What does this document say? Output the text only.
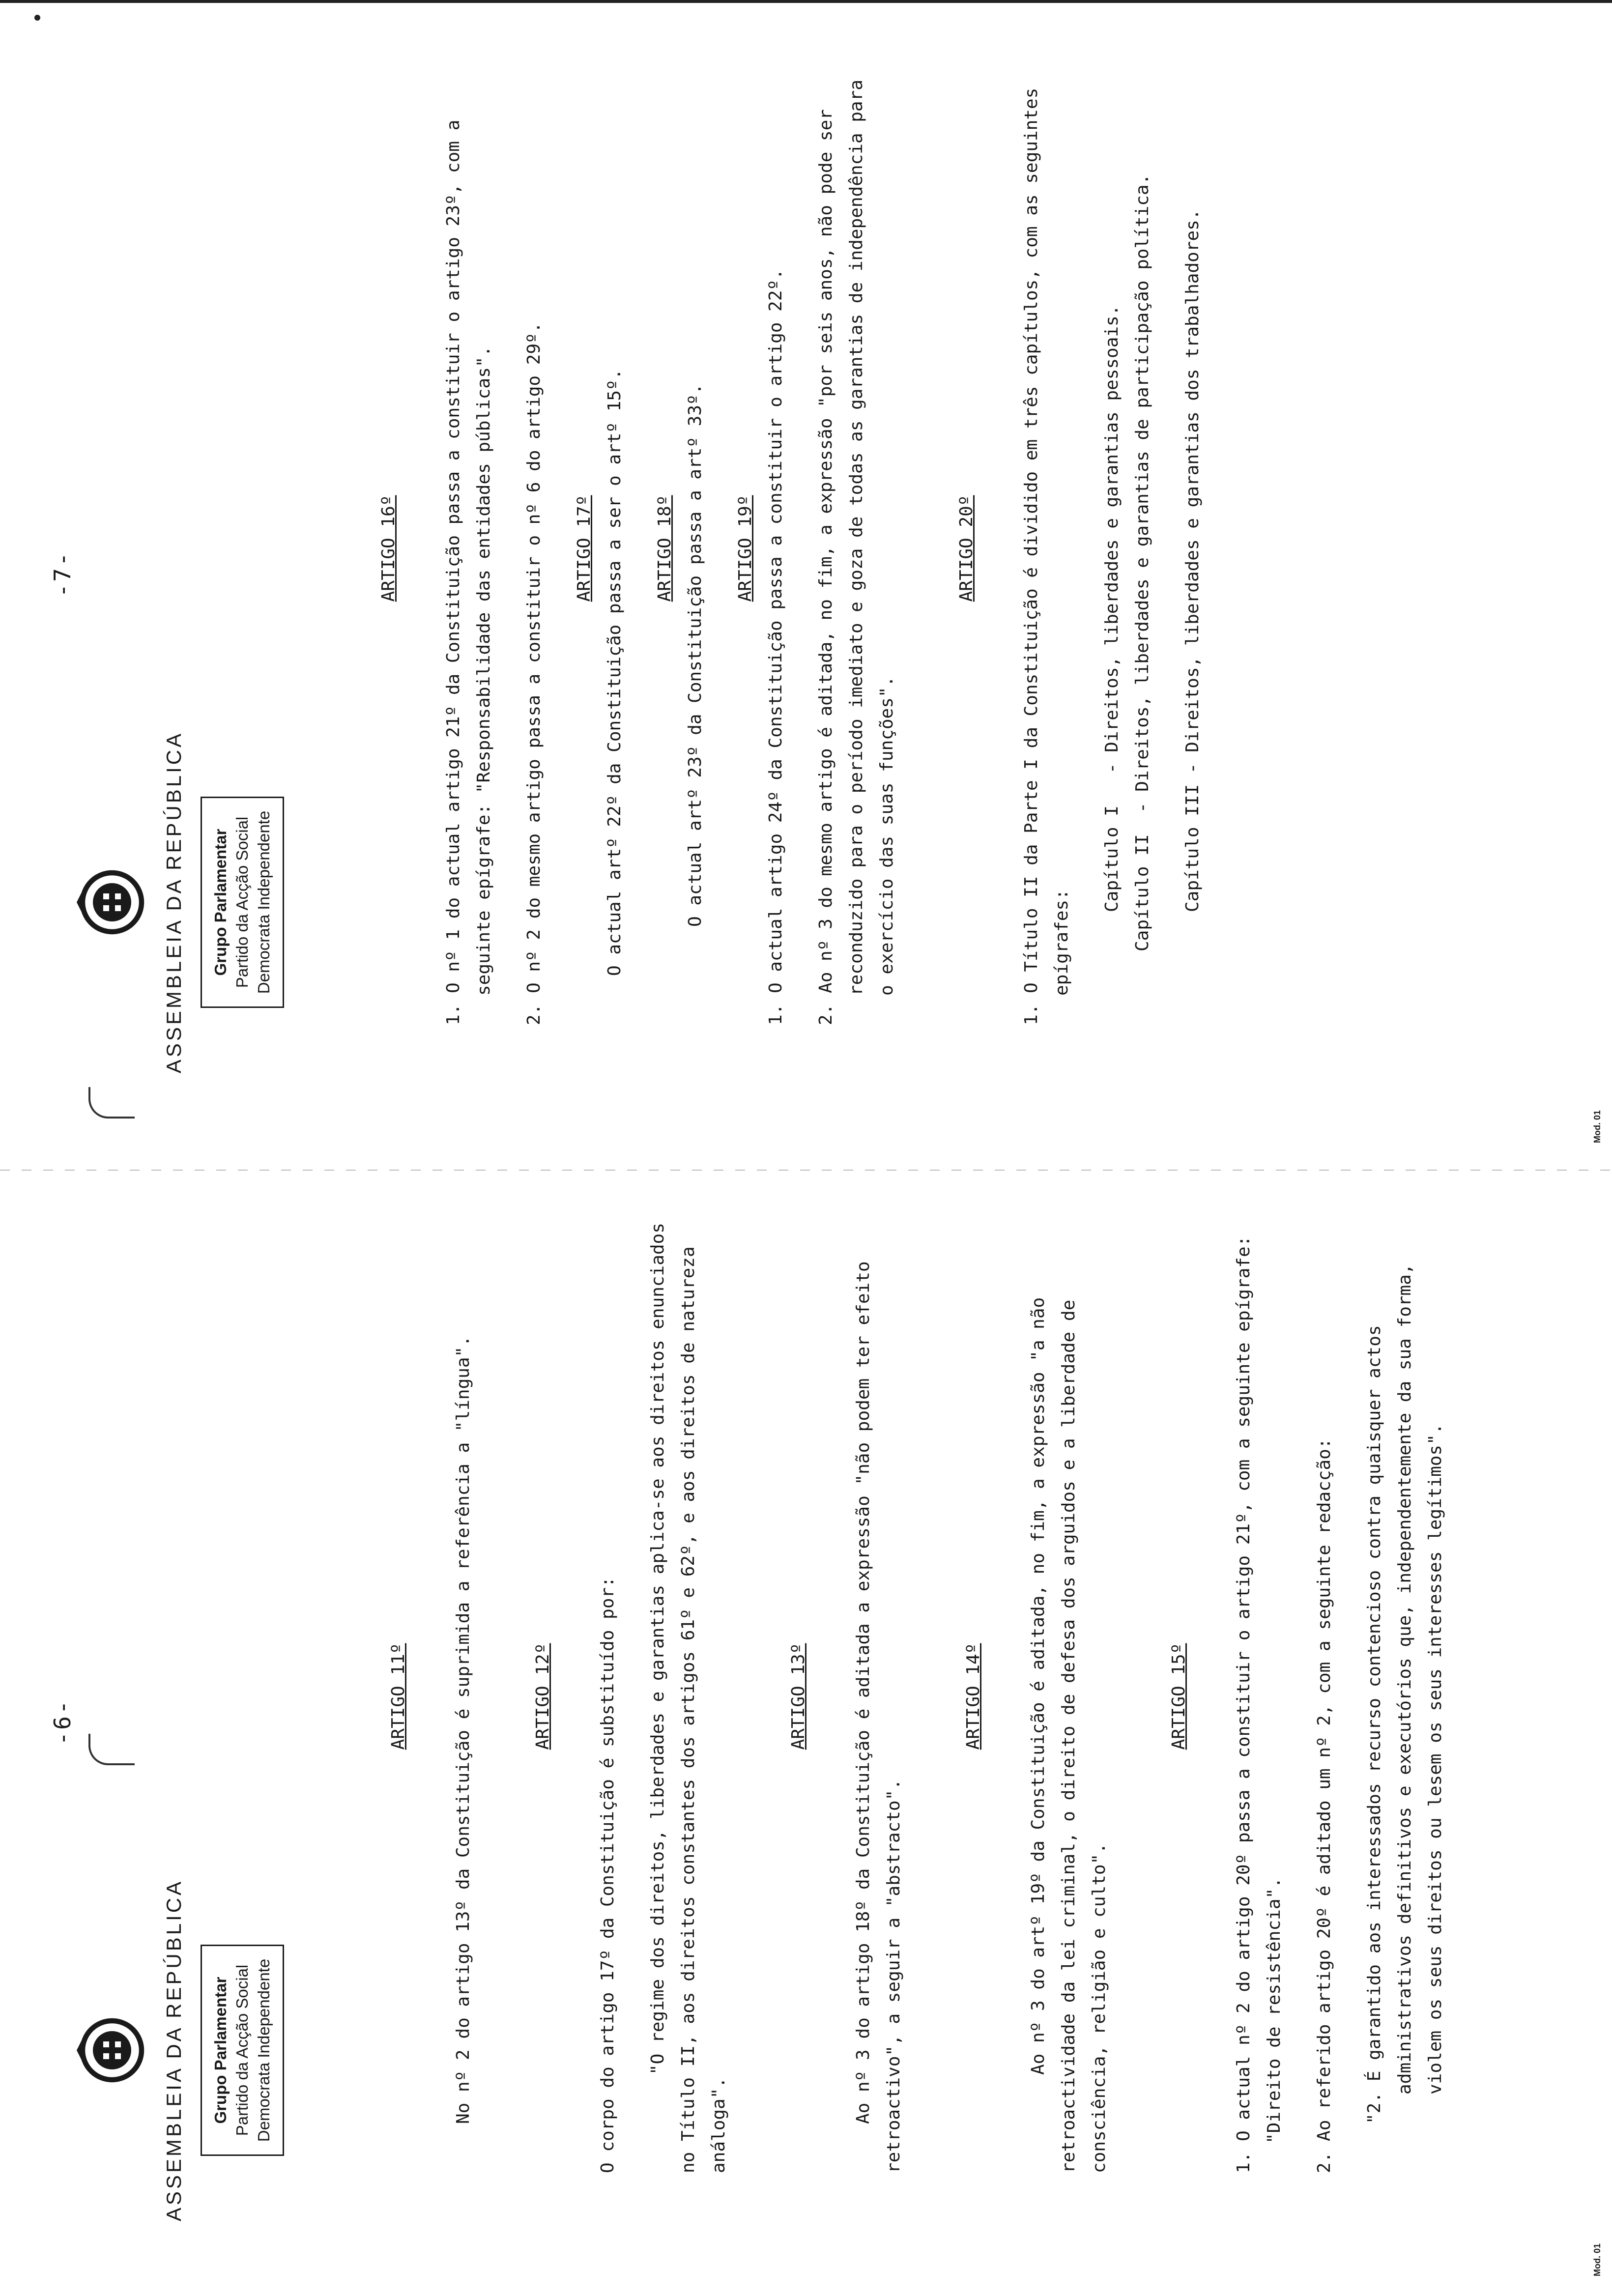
-6-
ASSEMBLEIA DA REPÚBLICA Grupo Parlamentar Partido da Acção Social Democrata Independente

ARTIGO 11º	No nº 2 do artigo 13º da Constituição é suprimida a referência a "língua".	ARTIGO 12º	O corpo do artigo 17º da Constituição é substituído por:	"O regime dos direitos, liberdades e garantias aplica-se aos direitos enunciados no Título II, aos direitos constantes dos artigos 61º e 62º, e aos direitos de natureza análoga".

ARTIGO 13º	Ao nº 3 do artigo 18º da Constituição é aditada a expressão "não podem ter efeito retroactivo", a seguir a "abstracto".

ARTIGO 14º	Ao nº 3 do artº 19º da Constituição é aditada, no fim, a expressão "a não retroactividade da lei criminal, o direito de defesa dos arguidos e a liberdade de consciência, religião e culto".

ARTIGO 15º	1. O actual nº 2 do artigo 20º passa a constituir o artigo 21º, com a seguinte epígrafe: "Direito de resistência".	2. Ao referido artigo 20º é aditado um nº 2, com a seguinte redacção:	"2. É garantido aos interessados recurso contencioso contra quaisquer actos administrativos definitivos e executórios que, independentemente da sua forma, violem os seus direitos ou lesem os seus interesses legítimos".

Mod. 01
-7-
ASSEMBLEIA DA REPÚBLICA Grupo Parlamentar Partido da Acção Social Democrata Independente

ARTIGO 16º	1. O nº 1 do actual artigo 21º da Constituição passa a constituir o artigo 23º, com a seguinte epígrafe: "Responsabilidade das entidades públicas".	2. O nº 2 do mesmo artigo passa a constituir o nº 6 do artigo 29º.	ARTIGO 17º O actual artº 22º da Constituição passa a ser o artº 15º.	ARTIGO 18º O actual artº 23º da Constituição passa a artº 33º.	ARTIGO 19º 1. O actual artigo 24º da Constituição passa a constituir o artigo 22º.	2. Ao nº 3 do mesmo artigo é aditada, no fim, a expressão "por seis anos, não pode ser reconduzido para o período imediato e goza de todas as garantias de independência para o exercício das suas funções".

ARTIGO 20º	1. O Título II da Parte I da Constituição é dividido em três capítulos, com as seguintes epígrafes:

Capítulo I   - Direitos, liberdades e garantias pessoais. Capítulo II  - Direitos, liberdades e garantias de participação política.	Capítulo III - Direitos, liberdades e garantias dos trabalhadores.

Mod. 01
